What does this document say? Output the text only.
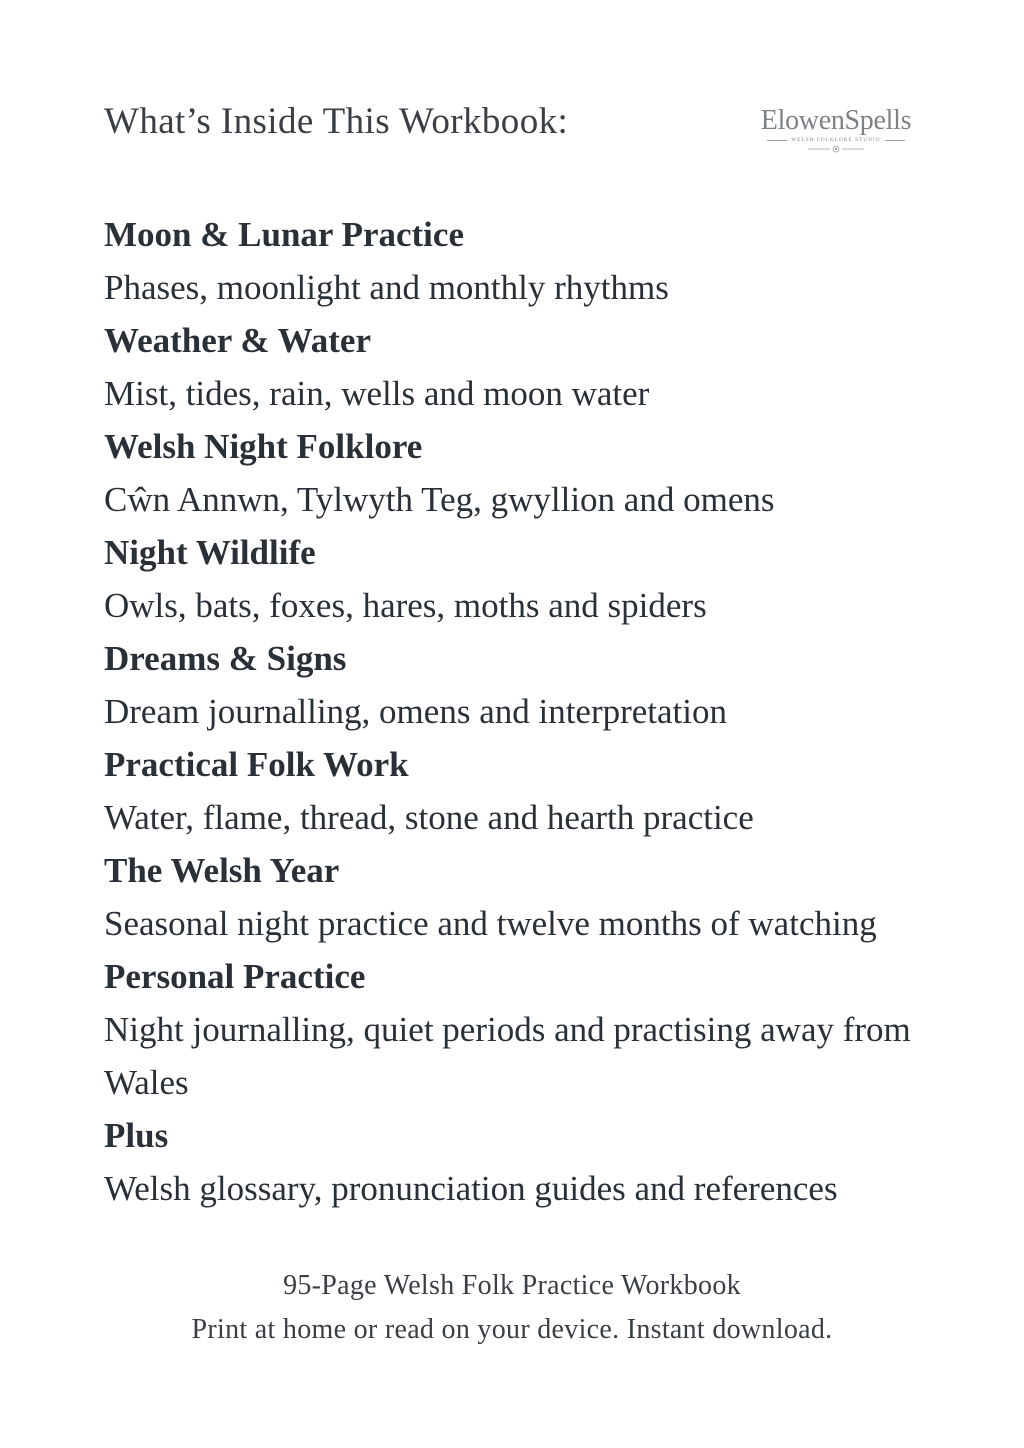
What’s Inside This Workbook:	ElowenSpells
WELSH FOLKLORE STUDIO
Moon & Lunar Practice
Phases, moonlight and monthly rhythms
Weather & Water
Mist, tides, rain, wells and moon water
Welsh Night Folklore
Cŵn Annwn, Tylwyth Teg, gwyllion and omens
Night Wildlife
Owls, bats, foxes, hares, moths and spiders
Dreams & Signs
Dream journalling, omens and interpretation
Practical Folk Work
Water, flame, thread, stone and hearth practice
The Welsh Year
Seasonal night practice and twelve months of watching
Personal Practice
Night journalling, quiet periods and practising away from Wales
Plus
Welsh glossary, pronunciation guides and references
95-Page Welsh Folk Practice Workbook
Print at home or read on your device. Instant download.
